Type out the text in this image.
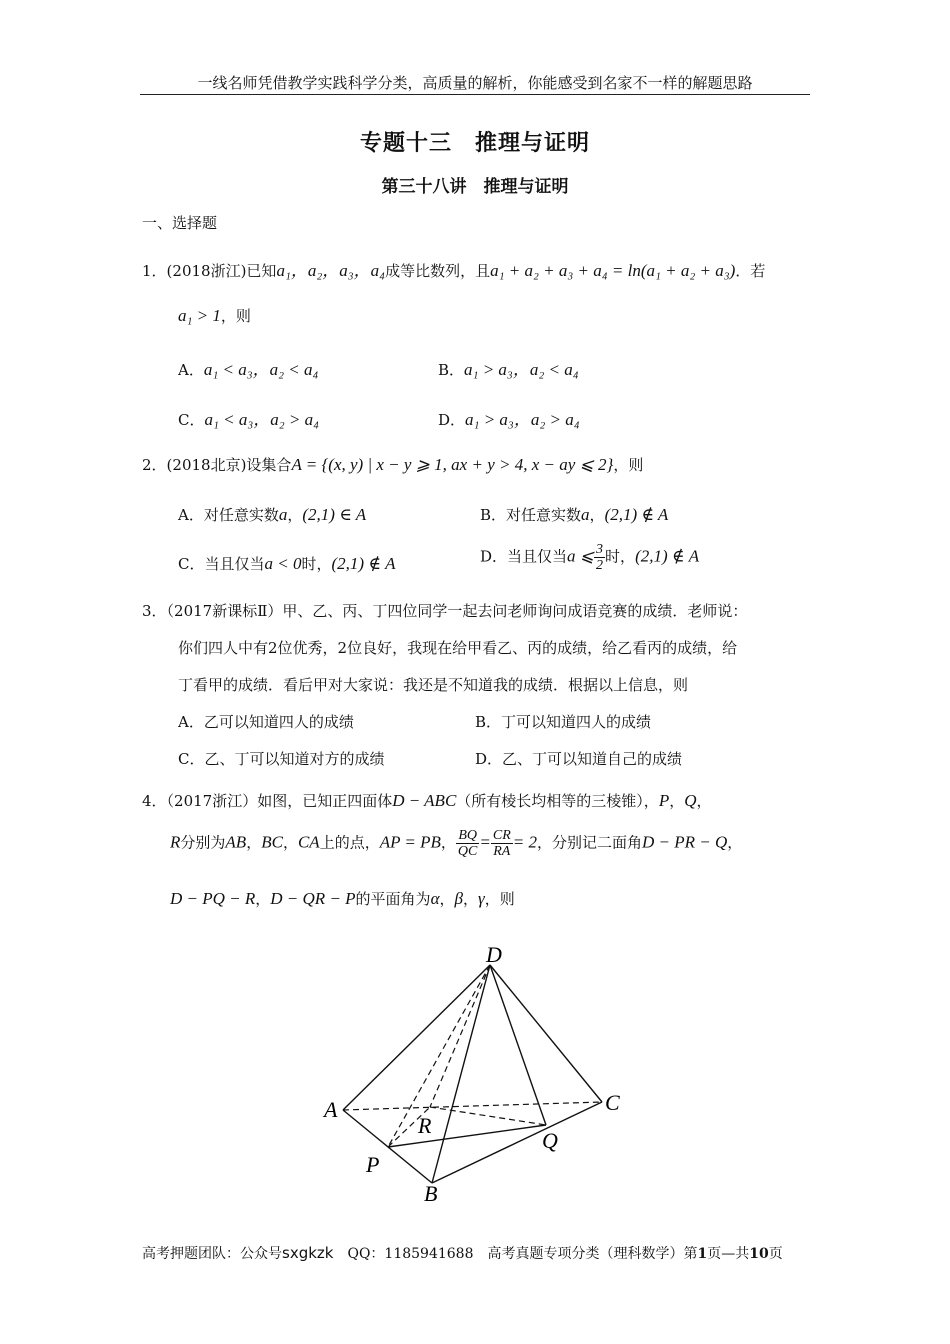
一线名师凭借教学实践科学分类，高质量的解析，你能感受到名家不一样的解题思路
专题十三　推理与证明
第三十八讲　推理与证明
一、选择题
1．(2018浙江)已知a₁，a₂，a₃，a₄成等比数列，且a₁ + a₂ + a₃ + a₄ = ln(a₁ + a₂ + a₃)．若
a₁ > 1，则
A．a₁ < a₃，a₂ < a₄	B．a₁ > a₃，a₂ < a₄
C．a₁ < a₃，a₂ > a₄	D．a₁ > a₃，a₂ > a₄
2．(2018北京)设集合A = {(x, y) | x − y ⩾ 1, ax + y > 4, x − ay ⩽ 2}，则
A．对任意实数a，(2,1) ∈ A	B．对任意实数a，(2,1) ∉ A
C．当且仅当a < 0时，(2,1) ∉ A	D．当且仅当a ⩽ $\frac{3}{2}$ 时，(2,1) ∉ A
3．（2017新课标Ⅱ）甲、乙、丙、丁四位同学一起去问老师询问成语竞赛的成绩．老师说：
你们四人中有2位优秀，2位良好，我现在给甲看乙、丙的成绩，给乙看丙的成绩，给
丁看甲的成绩．看后甲对大家说：我还是不知道我的成绩．根据以上信息，则
A．乙可以知道四人的成绩	B．丁可以知道四人的成绩
C．乙、丁可以知道对方的成绩	D．乙、丁可以知道自己的成绩
4．（2017浙江）如图，已知正四面体D − ABC（所有棱长均相等的三棱锥），P，Q，
R分别为AB，BC，CA上的点，AP = PB， $\frac{BQ}{QC} = \frac{CR}{RA} = 2$，分别记二面角D − PR − Q，
D − PQ − R，D − QR − P的平面角为α，β，γ，则
D
A	C
R
Q
P
B
高考押题团队：公众号sxgkzk　 QQ：1185941688　 高考真题专项分类（理科数学）第1页—共10页
